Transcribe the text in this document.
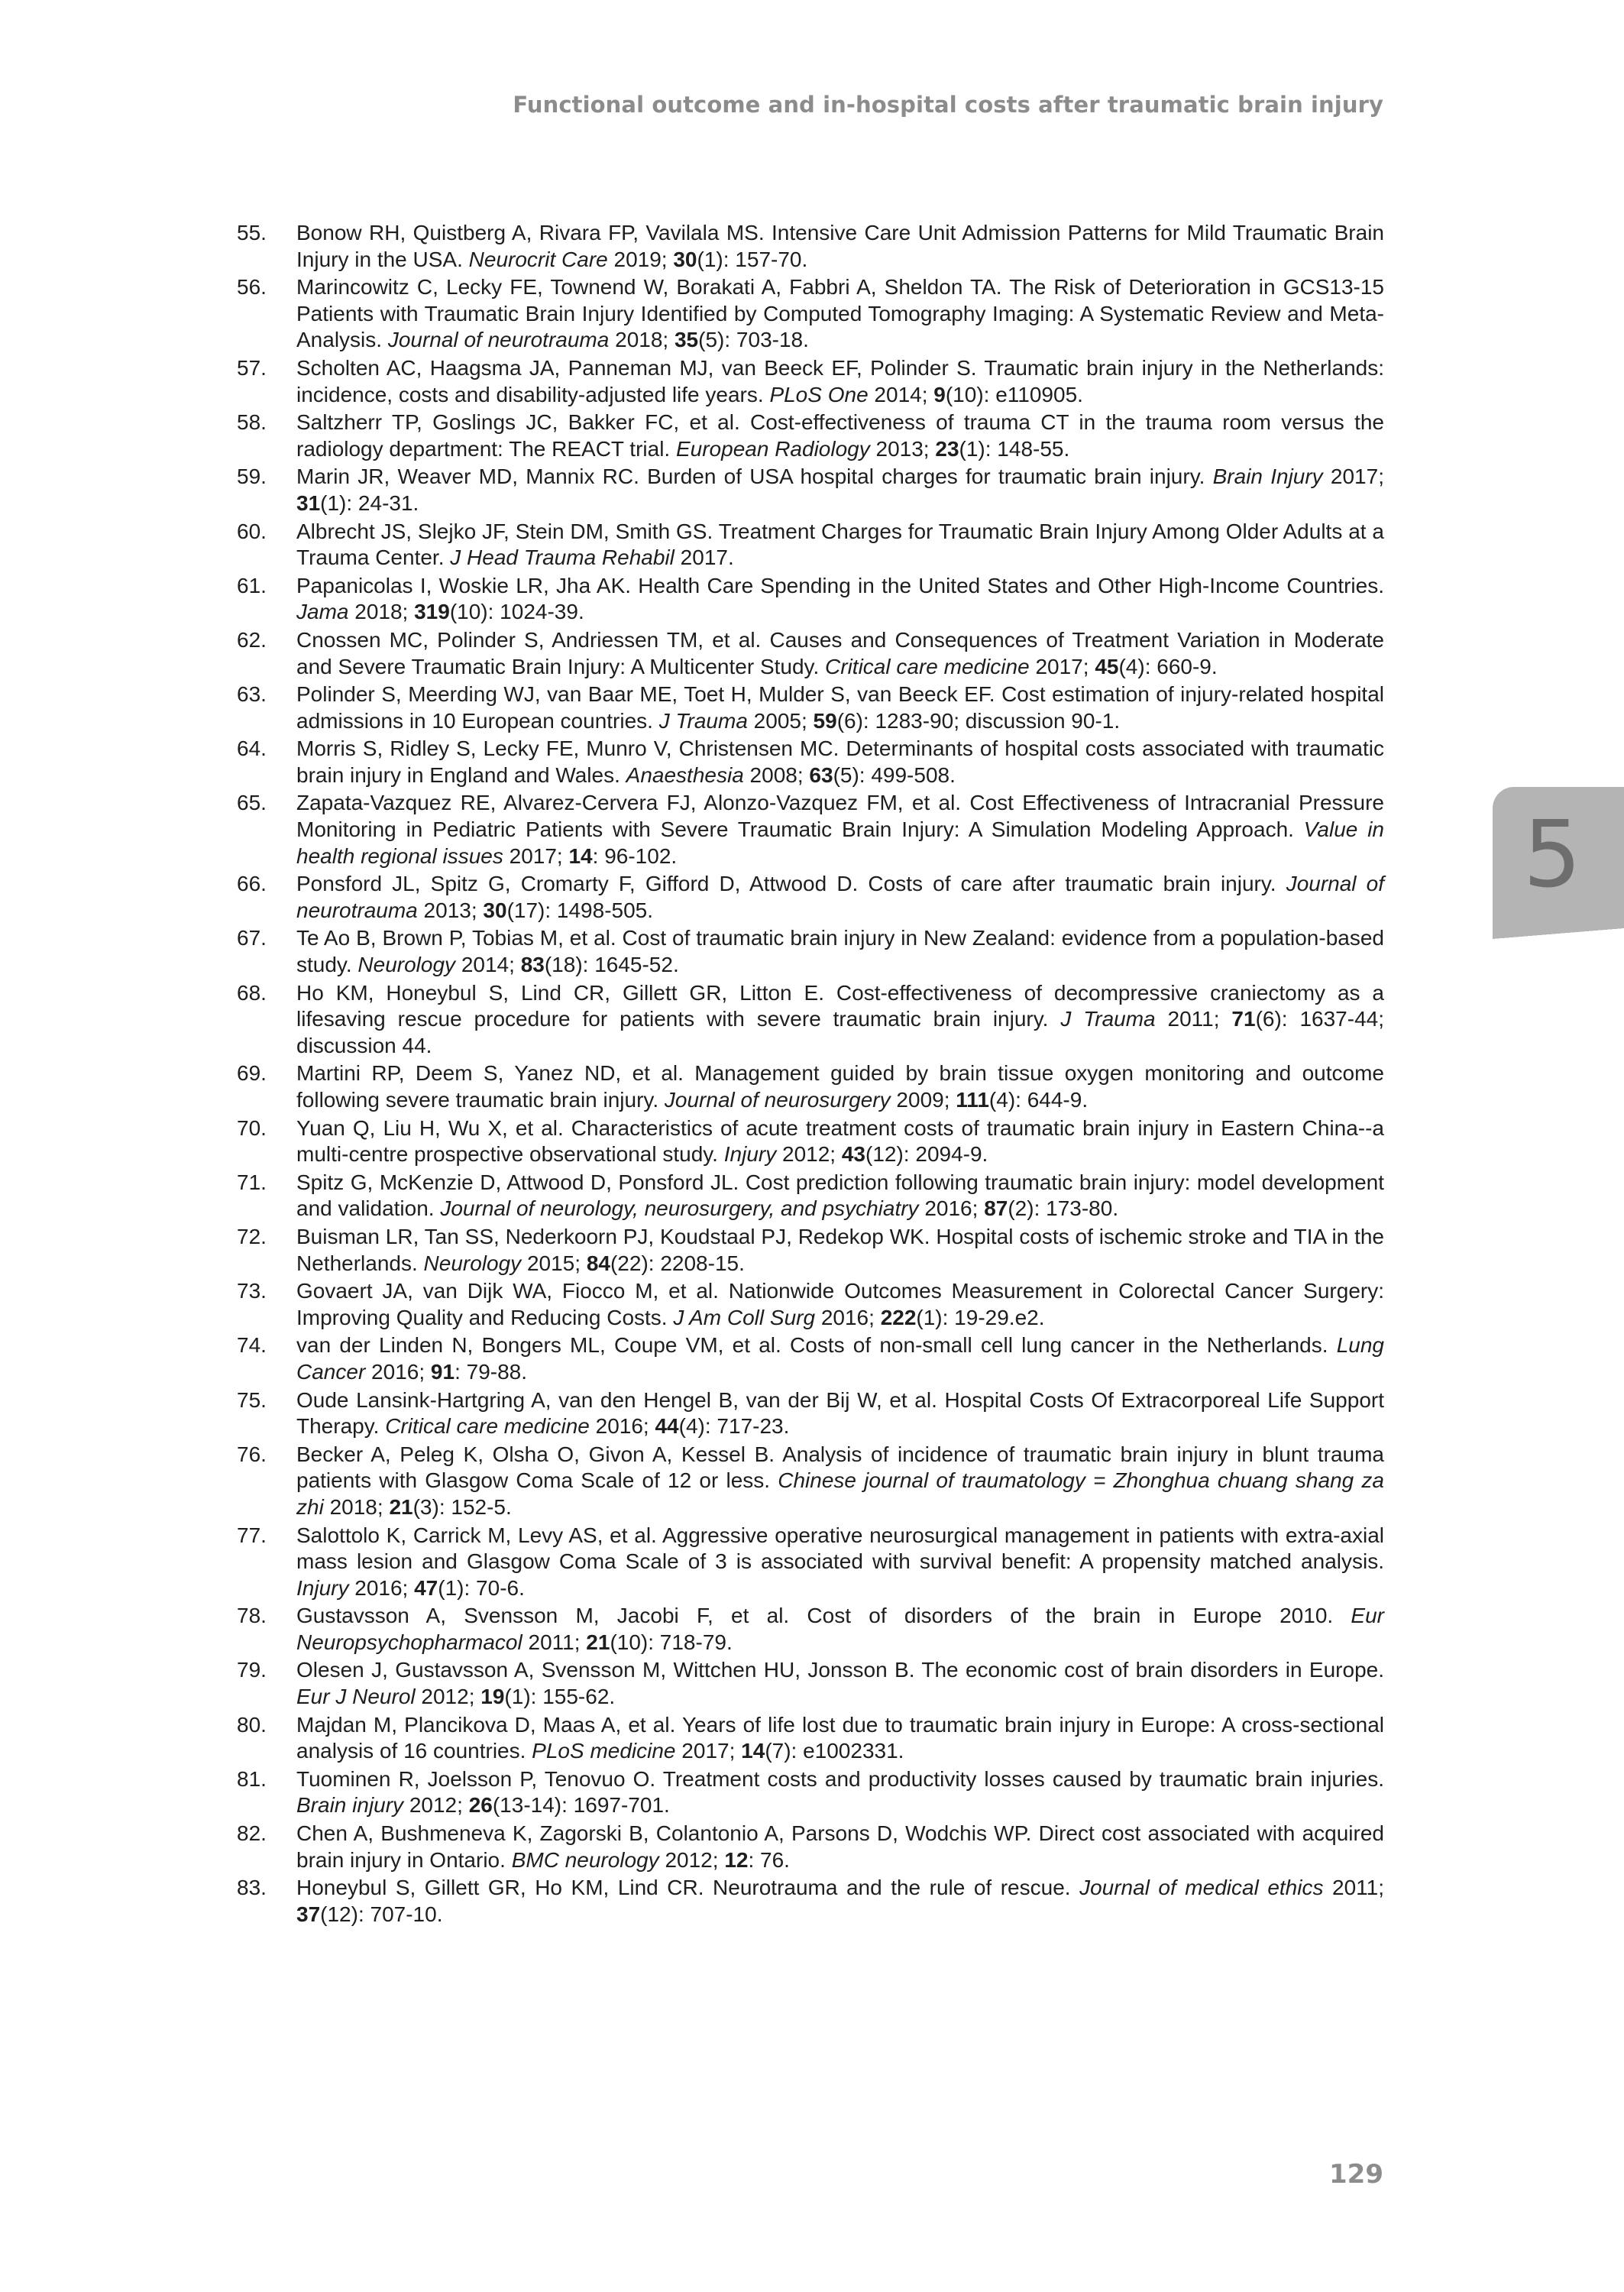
Functional outcome and in-hospital costs after traumatic brain injury
55. Bonow RH, Quistberg A, Rivara FP, Vavilala MS. Intensive Care Unit Admission Patterns for Mild Traumatic Brain Injury in the USA. Neurocrit Care 2019; 30(1): 157-70.
56. Marincowitz C, Lecky FE, Townend W, Borakati A, Fabbri A, Sheldon TA. The Risk of Deterioration in GCS13-15 Patients with Traumatic Brain Injury Identified by Computed Tomography Imaging: A Systematic Review and Meta-Analysis. Journal of neurotrauma 2018; 35(5): 703-18.
57. Scholten AC, Haagsma JA, Panneman MJ, van Beeck EF, Polinder S. Traumatic brain injury in the Netherlands: incidence, costs and disability-adjusted life years. PLoS One 2014; 9(10): e110905.
58. Saltzherr TP, Goslings JC, Bakker FC, et al. Cost-effectiveness of trauma CT in the trauma room versus the radiology department: The REACT trial. European Radiology 2013; 23(1): 148-55.
59. Marin JR, Weaver MD, Mannix RC. Burden of USA hospital charges for traumatic brain injury. Brain Injury 2017; 31(1): 24-31.
60. Albrecht JS, Slejko JF, Stein DM, Smith GS. Treatment Charges for Traumatic Brain Injury Among Older Adults at a Trauma Center. J Head Trauma Rehabil 2017.
61. Papanicolas I, Woskie LR, Jha AK. Health Care Spending in the United States and Other High-Income Countries. Jama 2018; 319(10): 1024-39.
62. Cnossen MC, Polinder S, Andriessen TM, et al. Causes and Consequences of Treatment Variation in Moderate and Severe Traumatic Brain Injury: A Multicenter Study. Critical care medicine 2017; 45(4): 660-9.
63. Polinder S, Meerding WJ, van Baar ME, Toet H, Mulder S, van Beeck EF. Cost estimation of injury-related hospital admissions in 10 European countries. J Trauma 2005; 59(6): 1283-90; discussion 90-1.
64. Morris S, Ridley S, Lecky FE, Munro V, Christensen MC. Determinants of hospital costs associated with traumatic brain injury in England and Wales. Anaesthesia 2008; 63(5): 499-508.
65. Zapata-Vazquez RE, Alvarez-Cervera FJ, Alonzo-Vazquez FM, et al. Cost Effectiveness of Intracranial Pressure Monitoring in Pediatric Patients with Severe Traumatic Brain Injury: A Simulation Modeling Approach. Value in health regional issues 2017; 14: 96-102.
66. Ponsford JL, Spitz G, Cromarty F, Gifford D, Attwood D. Costs of care after traumatic brain injury. Journal of neurotrauma 2013; 30(17): 1498-505.
67. Te Ao B, Brown P, Tobias M, et al. Cost of traumatic brain injury in New Zealand: evidence from a population-based study. Neurology 2014; 83(18): 1645-52.
68. Ho KM, Honeybul S, Lind CR, Gillett GR, Litton E. Cost-effectiveness of decompressive craniectomy as a lifesaving rescue procedure for patients with severe traumatic brain injury. J Trauma 2011; 71(6): 1637-44; discussion 44.
69. Martini RP, Deem S, Yanez ND, et al. Management guided by brain tissue oxygen monitoring and outcome following severe traumatic brain injury. Journal of neurosurgery 2009; 111(4): 644-9.
70. Yuan Q, Liu H, Wu X, et al. Characteristics of acute treatment costs of traumatic brain injury in Eastern China--a multi-centre prospective observational study. Injury 2012; 43(12): 2094-9.
71. Spitz G, McKenzie D, Attwood D, Ponsford JL. Cost prediction following traumatic brain injury: model development and validation. Journal of neurology, neurosurgery, and psychiatry 2016; 87(2): 173-80.
72. Buisman LR, Tan SS, Nederkoorn PJ, Koudstaal PJ, Redekop WK. Hospital costs of ischemic stroke and TIA in the Netherlands. Neurology 2015; 84(22): 2208-15.
73. Govaert JA, van Dijk WA, Fiocco M, et al. Nationwide Outcomes Measurement in Colorectal Cancer Surgery: Improving Quality and Reducing Costs. J Am Coll Surg 2016; 222(1): 19-29.e2.
74. van der Linden N, Bongers ML, Coupe VM, et al. Costs of non-small cell lung cancer in the Netherlands. Lung Cancer 2016; 91: 79-88.
75. Oude Lansink-Hartgring A, van den Hengel B, van der Bij W, et al. Hospital Costs Of Extracorporeal Life Support Therapy. Critical care medicine 2016; 44(4): 717-23.
76. Becker A, Peleg K, Olsha O, Givon A, Kessel B. Analysis of incidence of traumatic brain injury in blunt trauma patients with Glasgow Coma Scale of 12 or less. Chinese journal of traumatology = Zhonghua chuang shang za zhi 2018; 21(3): 152-5.
77. Salottolo K, Carrick M, Levy AS, et al. Aggressive operative neurosurgical management in patients with extra-axial mass lesion and Glasgow Coma Scale of 3 is associated with survival benefit: A propensity matched analysis. Injury 2016; 47(1): 70-6.
78. Gustavsson A, Svensson M, Jacobi F, et al. Cost of disorders of the brain in Europe 2010. Eur Neuropsychopharmacol 2011; 21(10): 718-79.
79. Olesen J, Gustavsson A, Svensson M, Wittchen HU, Jonsson B. The economic cost of brain disorders in Europe. Eur J Neurol 2012; 19(1): 155-62.
80. Majdan M, Plancikova D, Maas A, et al. Years of life lost due to traumatic brain injury in Europe: A cross-sectional analysis of 16 countries. PLoS medicine 2017; 14(7): e1002331.
81. Tuominen R, Joelsson P, Tenovuo O. Treatment costs and productivity losses caused by traumatic brain injuries. Brain injury 2012; 26(13-14): 1697-701.
82. Chen A, Bushmeneva K, Zagorski B, Colantonio A, Parsons D, Wodchis WP. Direct cost associated with acquired brain injury in Ontario. BMC neurology 2012; 12: 76.
83. Honeybul S, Gillett GR, Ho KM, Lind CR. Neurotrauma and the rule of rescue. Journal of medical ethics 2011; 37(12): 707-10.
5
129
